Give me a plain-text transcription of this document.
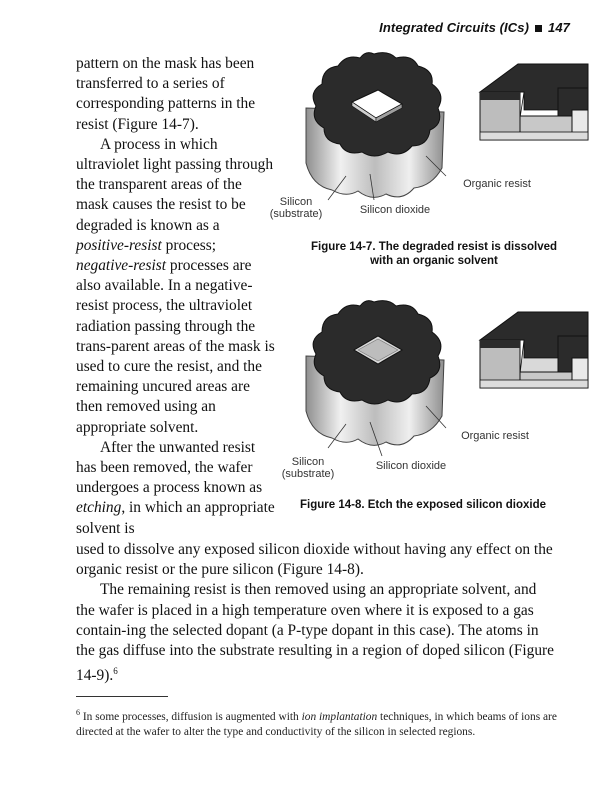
Integrated Circuits (ICs) 147

pattern on the mask has been transferred to a series of corresponding patterns in the resist (Figure 14-7).

A process in which ultraviolet light passing through the transparent areas of the mask causes the resist to be degraded is known as a positive-resist process; negative-resist processes are also available. In a negative-resist process, the ultraviolet radiation passing through the trans-parent areas of the mask is used to cure the resist, and the remaining uncured areas are then removed using an appropriate solvent.

After the unwanted resist has been removed, the wafer undergoes a process known as etching, in which an appropriate solvent is

Silicon
(substrate)	Silicon dioxide
Organic resist
Figure 14-7. The degraded resist is dissolved
with an organic solvent
Silicon
(substrate)
Silicon dioxide
Organic resist
Figure 14-8. Etch the exposed silicon dioxide

used to dissolve any exposed silicon dioxide without having any effect on the organic resist or the pure silicon (Figure 14-8).

The remaining resist is then removed using an appropriate solvent, and the wafer is placed in a high temperature oven where it is exposed to a gas contain-ing the selected dopant (a P-type dopant in this case). The atoms in the gas diffuse into the substrate resulting in a region of doped silicon (Figure 14-9).$^6$

$^6$ In some processes, diffusion is augmented with ion implantation techniques, in which beams of ions are directed at the wafer to alter the type and conductivity of the silicon in selected regions.
